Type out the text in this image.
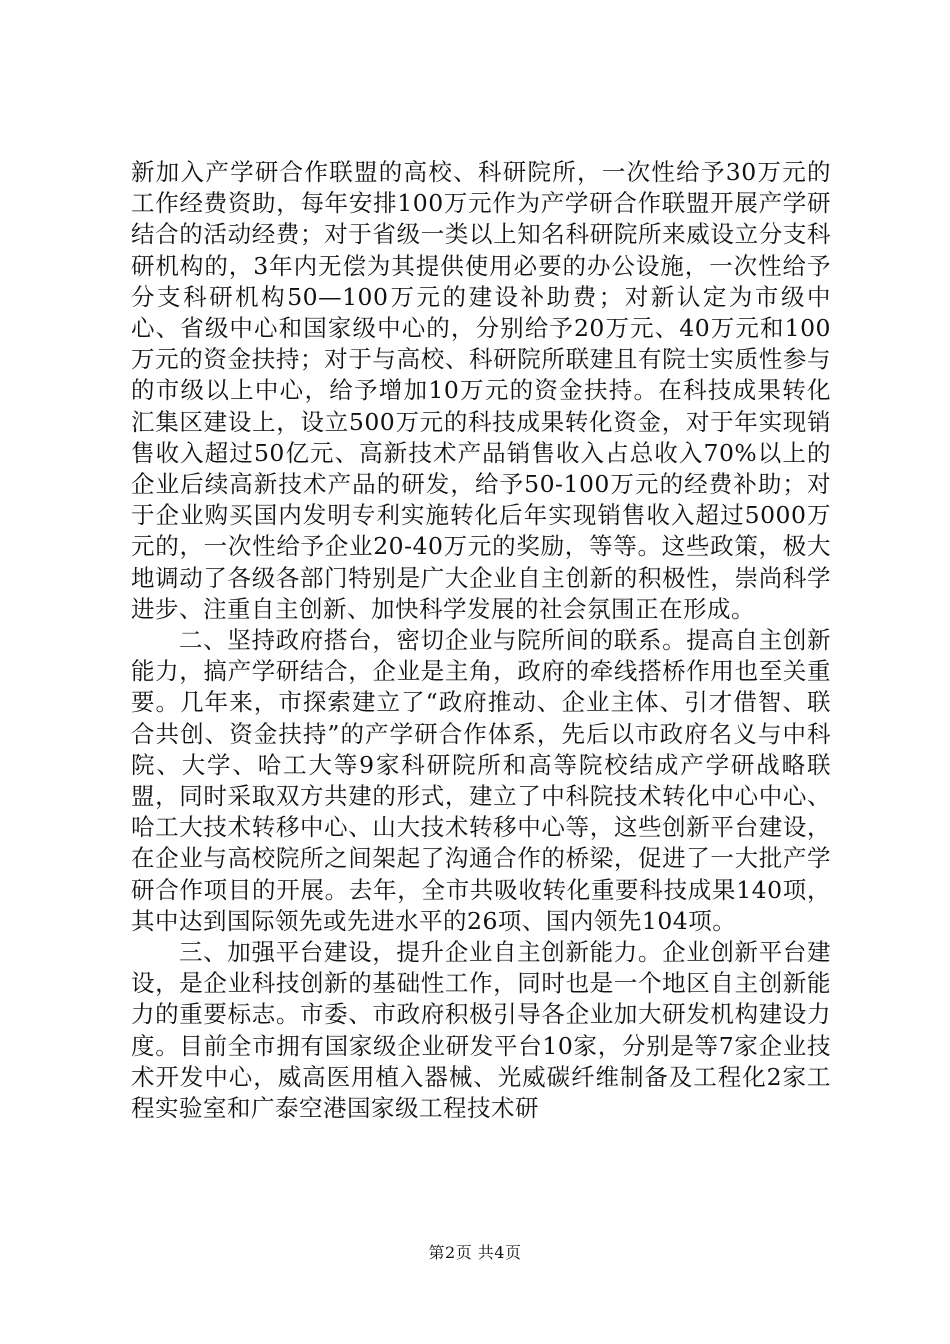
新加入产学研合作联盟的高校、科研院所，一次性给予30万元的工作经费资助，每年安排100万元作为产学研合作联盟开展产学研结合的活动经费；对于省级一类以上知名科研院所来威设立分支科研机构的，3年内无偿为其提供使用必要的办公设施，一次性给予分支科研机构50—100万元的建设补助费；对新认定为市级中心、省级中心和国家级中心的，分别给予20万元、40万元和100万元的资金扶持；对于与高校、科研院所联建且有院士实质性参与的市级以上中心，给予增加10万元的资金扶持。在科技成果转化汇集区建设上，设立500万元的科技成果转化资金，对于年实现销售收入超过50亿元、高新技术产品销售收入占总收入70%以上的企业后续高新技术产品的研发，给予50-100万元的经费补助；对于企业购买国内发明专利实施转化后年实现销售收入超过5000万元的，一次性给予企业20-40万元的奖励，等等。这些政策，极大地调动了各级各部门特别是广大企业自主创新的积极性，崇尚科学进步、注重自主创新、加快科学发展的社会氛围正在形成。

二、坚持政府搭台，密切企业与院所间的联系。提高自主创新能力，搞产学研结合，企业是主角，政府的牵线搭桥作用也至关重要。几年来，市探索建立了“政府推动、企业主体、引才借智、联合共创、资金扶持”的产学研合作体系，先后以市政府名义与中科院、大学、哈工大等9家科研院所和高等院校结成产学研战略联盟，同时采取双方共建的形式，建立了中科院技术转化中心中心、哈工大技术转移中心、山大技术转移中心等，这些创新平台建设，在企业与高校院所之间架起了沟通合作的桥梁，促进了一大批产学研合作项目的开展。去年，全市共吸收转化重要科技成果140项，其中达到国际领先或先进水平的26项、国内领先104项。

三、加强平台建设，提升企业自主创新能力。企业创新平台建设，是企业科技创新的基础性工作，同时也是一个地区自主创新能力的重要标志。市委、市政府积极引导各企业加大研发机构建设力度。目前全市拥有国家级企业研发平台10家，分别是等7家企业技术开发中心，威高医用植入器械、光威碳纤维制备及工程化2家工程实验室和广泰空港国家级工程技术研

第2页 共4页
